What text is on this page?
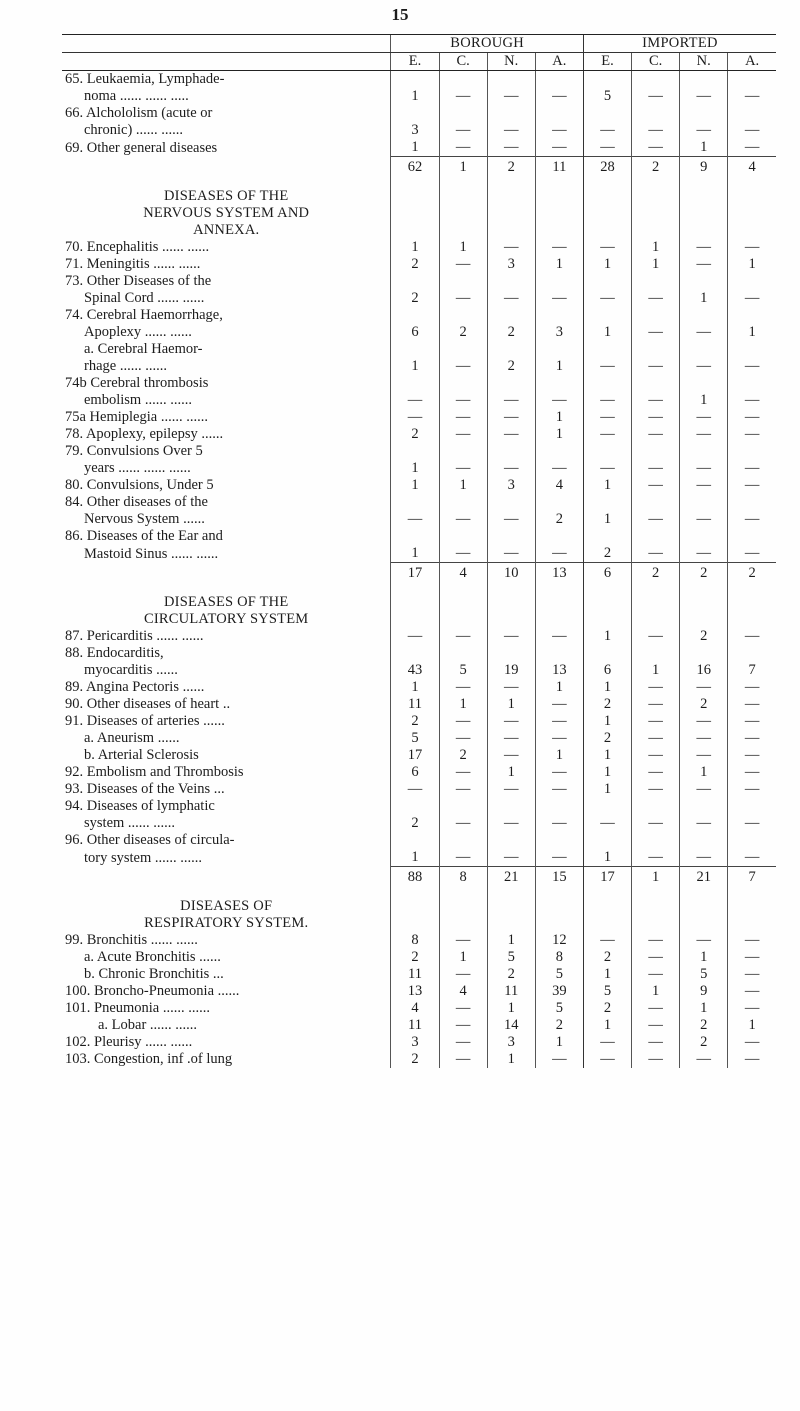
15
	BOROUGH				IMPORTED			
	E.	C.	N.	A.	E.	C.	N.	A.
65. Leukaemia, Lymphade-								
noma ...... ...... .....	1	—	—	—	5	—	—	—
66. Alchololism (acute or								
chronic) ...... ......	3	—	—	—	—	—	—	—
69. Other general diseases	1	—	—	—	—	—	1	—
	62	1	2	11	28	2	9	4

DISEASES OF THE								
NERVOUS SYSTEM AND								
ANNEXA.								
70. Encephalitis ...... ......	1	1	—	—	—	1	—	—
71. Meningitis ...... ......	2	—	3	1	1	1	—	1
73. Other Diseases of the								
Spinal Cord ...... ......	2	—	—	—	—	—	1	—
74. Cerebral Haemorrhage,								
Apoplexy ...... ......	6	2	2	3	1	—	—	1
a. Cerebral Haemor-								
rhage ...... ......	1	—	2	1	—	—	—	—
74b Cerebral thrombosis								
embolism ...... ......	—	—	—	—	—	—	1	—
75a Hemiplegia ...... ......	—	—	—	1	—	—	—	—
78. Apoplexy, epilepsy ......	2	—	—	1	—	—	—	—
79. Convulsions Over 5								
years ...... ...... ......	1	—	—	—	—	—	—	—
80. Convulsions, Under 5	1	1	3	4	1	—	—	—
84. Other diseases of the								
Nervous System ......	—	—	—	2	1	—	—	—
86. Diseases of the Ear and								
Mastoid Sinus ...... ......	1	—	—	—	2	—	—	—
	17	4	10	13	6	2	2	2

DISEASES OF THE								
CIRCULATORY SYSTEM								
87. Pericarditis ...... ......	—	—	—	—	1	—	2	—
88. Endocarditis,								
myocarditis ......	43	5	19	13	6	1	16	7
89. Angina Pectoris ......	1	—	—	1	1	—	—	—
90. Other diseases of heart ..	11	1	1	—	2	—	2	—
91. Diseases of arteries ......	2	—	—	—	1	—	—	—
a. Aneurism ......	5	—	—	—	2	—	—	—
b. Arterial Sclerosis	17	2	—	1	1	—	—	—
92. Embolism and Thrombosis	6	—	1	—	1	—	1	—
93. Diseases of the Veins ...	—	—	—	—	1	—	—	—
94. Diseases of lymphatic								
system ...... ......	2	—	—	—	—	—	—	—
96. Other diseases of circula-								
tory system ...... ......	1	—	—	—	1	—	—	—
	88	8	21	15	17	1	21	7

DISEASES OF								
RESPIRATORY SYSTEM.								
99. Bronchitis ...... ......	8	—	1	12	—	—	—	—
a. Acute Bronchitis ......	2	1	5	8	2	—	1	—
b. Chronic Bronchitis ...	11	—	2	5	1	—	5	—
100. Broncho-Pneumonia ......	13	4	11	39	5	1	9	—
101. Pneumonia ...... ......	4	—	1	5	2	—	1	—
a. Lobar ...... ......	11	—	14	2	1	—	2	1
102. Pleurisy ...... ......	3	—	3	1	—	—	2	—
103. Congestion, inf .of lung	2	—	1	—	—	—	—	—
